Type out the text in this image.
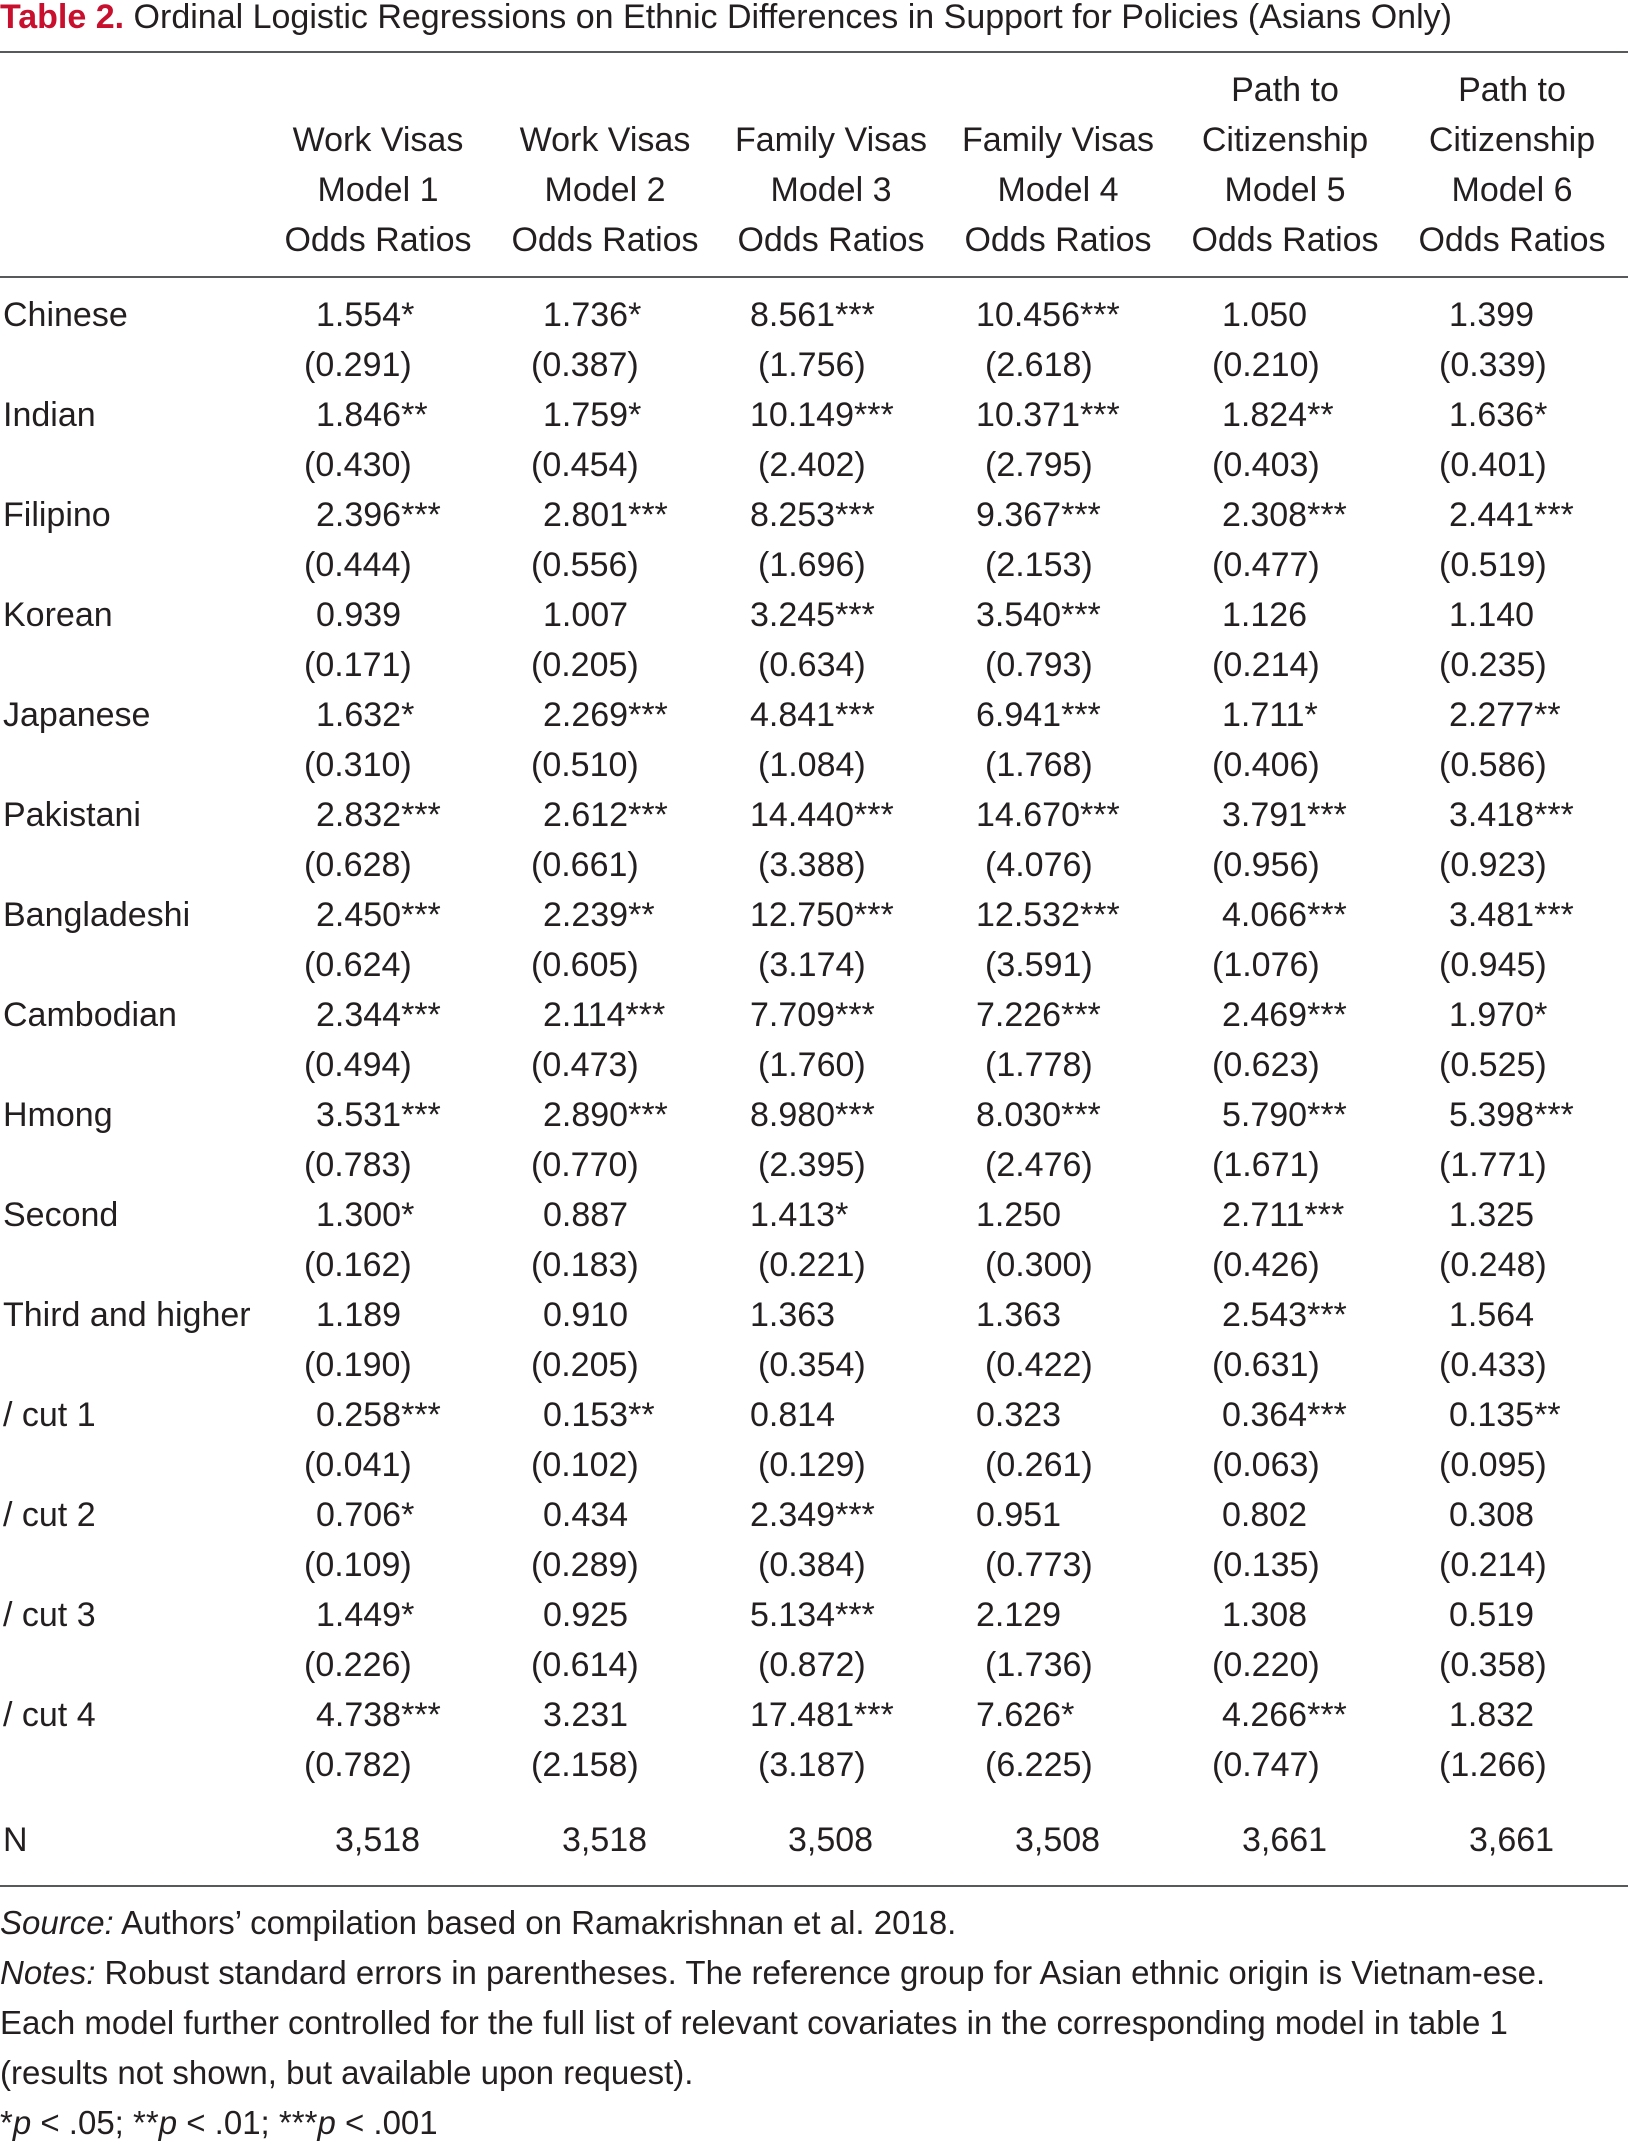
Table 2. Ordinal Logistic Regressions on Ethnic Differences in Support for Policies (Asians Only)
Work Visas
Model 1
Odds Ratios
Work Visas
Model 2
Odds Ratios
Family Visas
Model 3
Odds Ratios
Family Visas
Model 4
Odds Ratios
Path to
Citizenship
Model 5
Odds Ratios
Path to
Citizenship
Model 6
Odds Ratios
Chinese	1.554*	1.736*	8.561***	10.456***	1.050	1.399
(0.291)	(0.387)	(1.756)	(2.618)	(0.210)	(0.339)
Indian	1.846**	1.759*	10.149*** 10.371***	1.824**	1.636*
(0.430)	(0.454)	(2.402)	(2.795)	(0.403)	(0.401)
Filipino	2.396***	2.801*** 8.253***	9.367***	2.308***	2.441***
(0.444)	(0.556)	(1.696)	(2.153)	(0.477)	(0.519)
Korean	0.939	1.007	3.245***	3.540***	1.126	1.140
(0.171)	(0.205)	(0.634)	(0.793)	(0.214)	(0.235)
Japanese	1.632*	2.269*** 4.841***	6.941***	1.711*	2.277**
(0.310)	(0.510)	(1.084)	(1.768)	(0.406)	(0.586)
Pakistani	2.832***	2.612*** 14.440*** 14.670***	3.791***	3.418***
(0.628)	(0.661)	(3.388)	(4.076)	(0.956)	(0.923)
Bangladeshi	2.450***	2.239**	12.750*** 12.532***	4.066***	3.481***
(0.624)	(0.605)	(3.174)	(3.591)	(1.076)	(0.945)
Cambodian	2.344***	2.114*** 7.709***	7.226***	2.469***	1.970*
(0.494)	(0.473)	(1.760)	(1.778)	(0.623)	(0.525)
Hmong	3.531***	2.890*** 8.980***	8.030***	5.790***	5.398***
(0.783)	(0.770)	(2.395)	(2.476)	(1.671)	(1.771)
Second	1.300*	0.887	1.413*	1.250	2.711***	1.325
(0.162)	(0.183)	(0.221)	(0.300)	(0.426)	(0.248)
Third and higher 1.189	0.910	1.363	1.363	2.543***	1.564
(0.190)	(0.205)	(0.354)	(0.422)	(0.631)	(0.433)
/ cut 1	0.258***	0.153**	0.814	0.323	0.364***	0.135**
(0.041)	(0.102)	(0.129)	(0.261)	(0.063)	(0.095)
/ cut 2	0.706*	0.434	2.349***	0.951	0.802	0.308
(0.109)	(0.289)	(0.384)	(0.773)	(0.135)	(0.214)
/ cut 3	1.449*	0.925	5.134***	2.129	1.308	0.519
(0.226)	(0.614)	(0.872)	(1.736)	(0.220)	(0.358)
/ cut 4	4.738***	3.231	17.481*** 7.626*	4.266***	1.832
(0.782)	(2.158)	(3.187)	(6.225)	(0.747)	(1.266)
N	3,518	3,518	3,508	3,508	3,661	3,661

Source: Authors’ compilation based on Ramakrishnan et al. 2018.

Notes: Robust standard errors in parentheses. The reference group for Asian ethnic origin is Vietnam-ese. Each model further controlled for the full list of relevant covariates in the corresponding model in table 1 (results not shown, but available upon request).

*p < .05; **p < .01; ***p < .001
